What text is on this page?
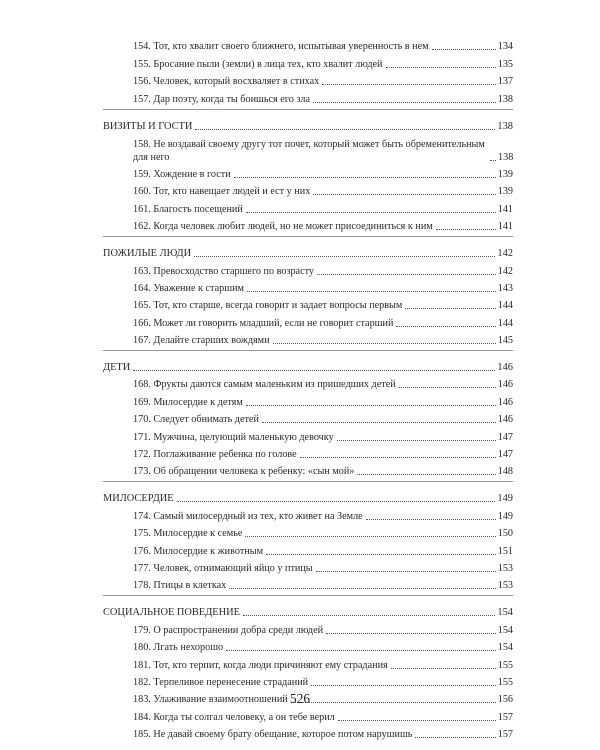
154. Тот, кто хвалит своего ближнего, испытывая уверенность в нем	134
155. Бросание пыли (земли) в лица тех, кто хвалит людей	135
156. Человек, который восхваляет в стихах	137
157. Дар поэту, когда ты боишься его зла	138
ВИЗИТЫ И ГОСТИ	138
158. Не воздавай своему другу тот почет, который может быть обременительным для него	138
159. Хождение в гости	139
160. Тот, кто навещает людей и ест у них	139
161. Благость посещений	141
162. Когда человек любит людей, но не может присоединиться к ним	141
ПОЖИЛЫЕ ЛЮДИ	142
163. Превосходство старшего по возрасту	142
164. Уважение к старшим	143
165. Тот, кто старше, всегда говорит и задает вопросы первым	144
166. Может ли говорить младший, если не говорит старший	144
167. Делайте старших вождями	145
ДЕТИ	146
168. Фрукты даются самым маленьким из пришедших детей	146
169. Милосердие к детям	146
170. Следует обнимать детей	146
171. Мужчина, целующий маленькую девочку	147
172. Поглаживание ребенка по голове	147
173. Об обращении человека к ребенку: «сын мой»	148
МИЛОСЕРДИЕ	149
174. Самый милосердный из тех, кто живет на Земле	149
175. Милосердие к семье	150
176. Милосердие к животным	151
177. Человек, отнимающий яйцо у птицы	153
178. Птицы в клетках	153
СОЦИАЛЬНОЕ ПОВЕДЕНИЕ	154
179. О распространении добра среди людей	154
180. Лгать нехорошо	154
181. Тот, кто терпит, когда люди причиняют ему страдания	155
182. Терпеливое перенесение страданий	155
183. Улаживание взаимоотношений	156
184. Когда ты солгал человеку, а он тебе верил	157
185. Не давай своему брату обещание, которое потом нарушишь	157
526
